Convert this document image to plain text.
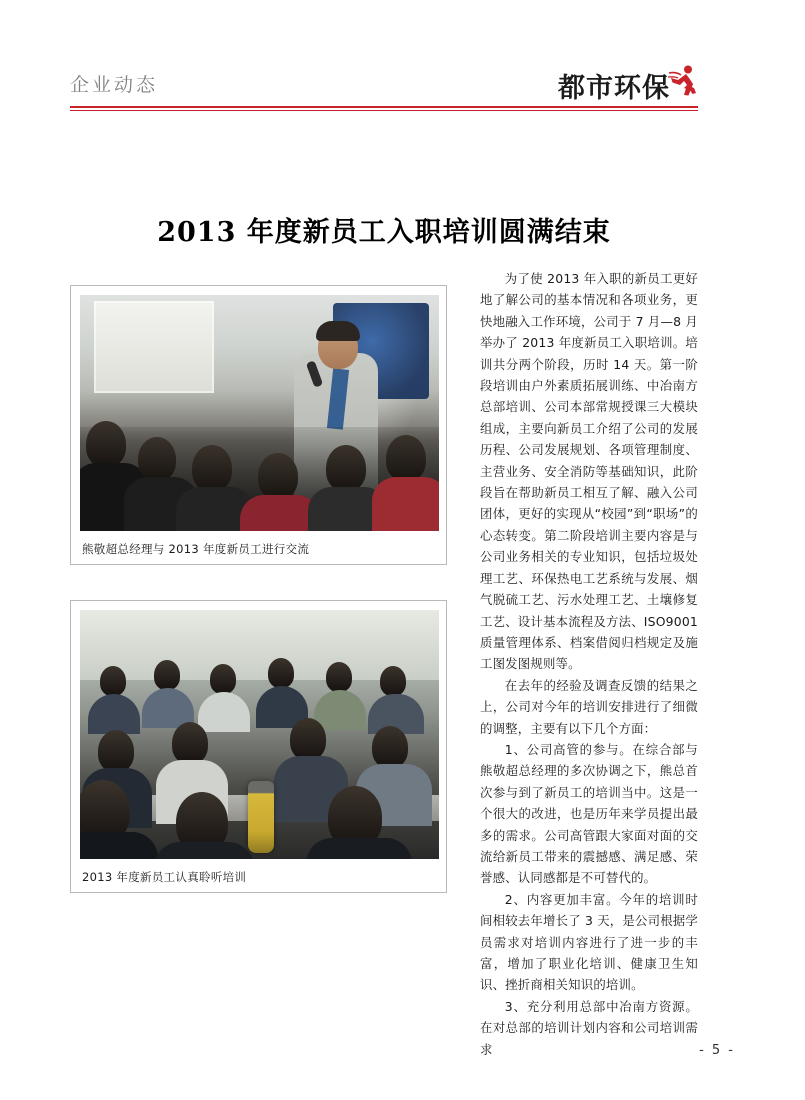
企业动态	都市环保
2013 年度新员工入职培训圆满结束
熊敬超总经理与 2013 年度新员工进行交流
2013 年度新员工认真聆听培训

为了使 2013 年入职的新员工更好地了解公司的基本情况和各项业务，更快地融入工作环境，公司于 7 月—8 月举办了 2013 年度新员工入职培训。培训共分两个阶段，历时 14 天。第一阶段培训由户外素质拓展训练、中冶南方总部培训、公司本部常规授课三大模块组成，主要向新员工介绍了公司的发展历程、公司发展规划、各项管理制度、主营业务、安全消防等基础知识，此阶段旨在帮助新员工相互了解、融入公司团体，更好的实现从“校园”到“职场”的心态转变。第二阶段培训主要内容是与公司业务相关的专业知识，包括垃圾处理工艺、环保热电工艺系统与发展、烟气脱硫工艺、污水处理工艺、土壤修复工艺、设计基本流程及方法、ISO9001 质量管理体系、档案借阅归档规定及施工图发图规则等。

在去年的经验及调查反馈的结果之上，公司对今年的培训安排进行了细微的调整，主要有以下几个方面：

1、公司高管的参与。在综合部与熊敬超总经理的多次协调之下，熊总首次参与到了新员工的培训当中。这是一个很大的改进，也是历年来学员提出最多的需求。公司高管跟大家面对面的交流给新员工带来的震撼感、满足感、荣誉感、认同感都是不可替代的。

2、内容更加丰富。今年的培训时间相较去年增长了 3 天，是公司根据学员需求对培训内容进行了进一步的丰富，增加了职业化培训、健康卫生知识、挫折商相关知识的培训。

3、充分利用总部中冶南方资源。在对总部的培训计划内容和公司培训需求	- 5 -
